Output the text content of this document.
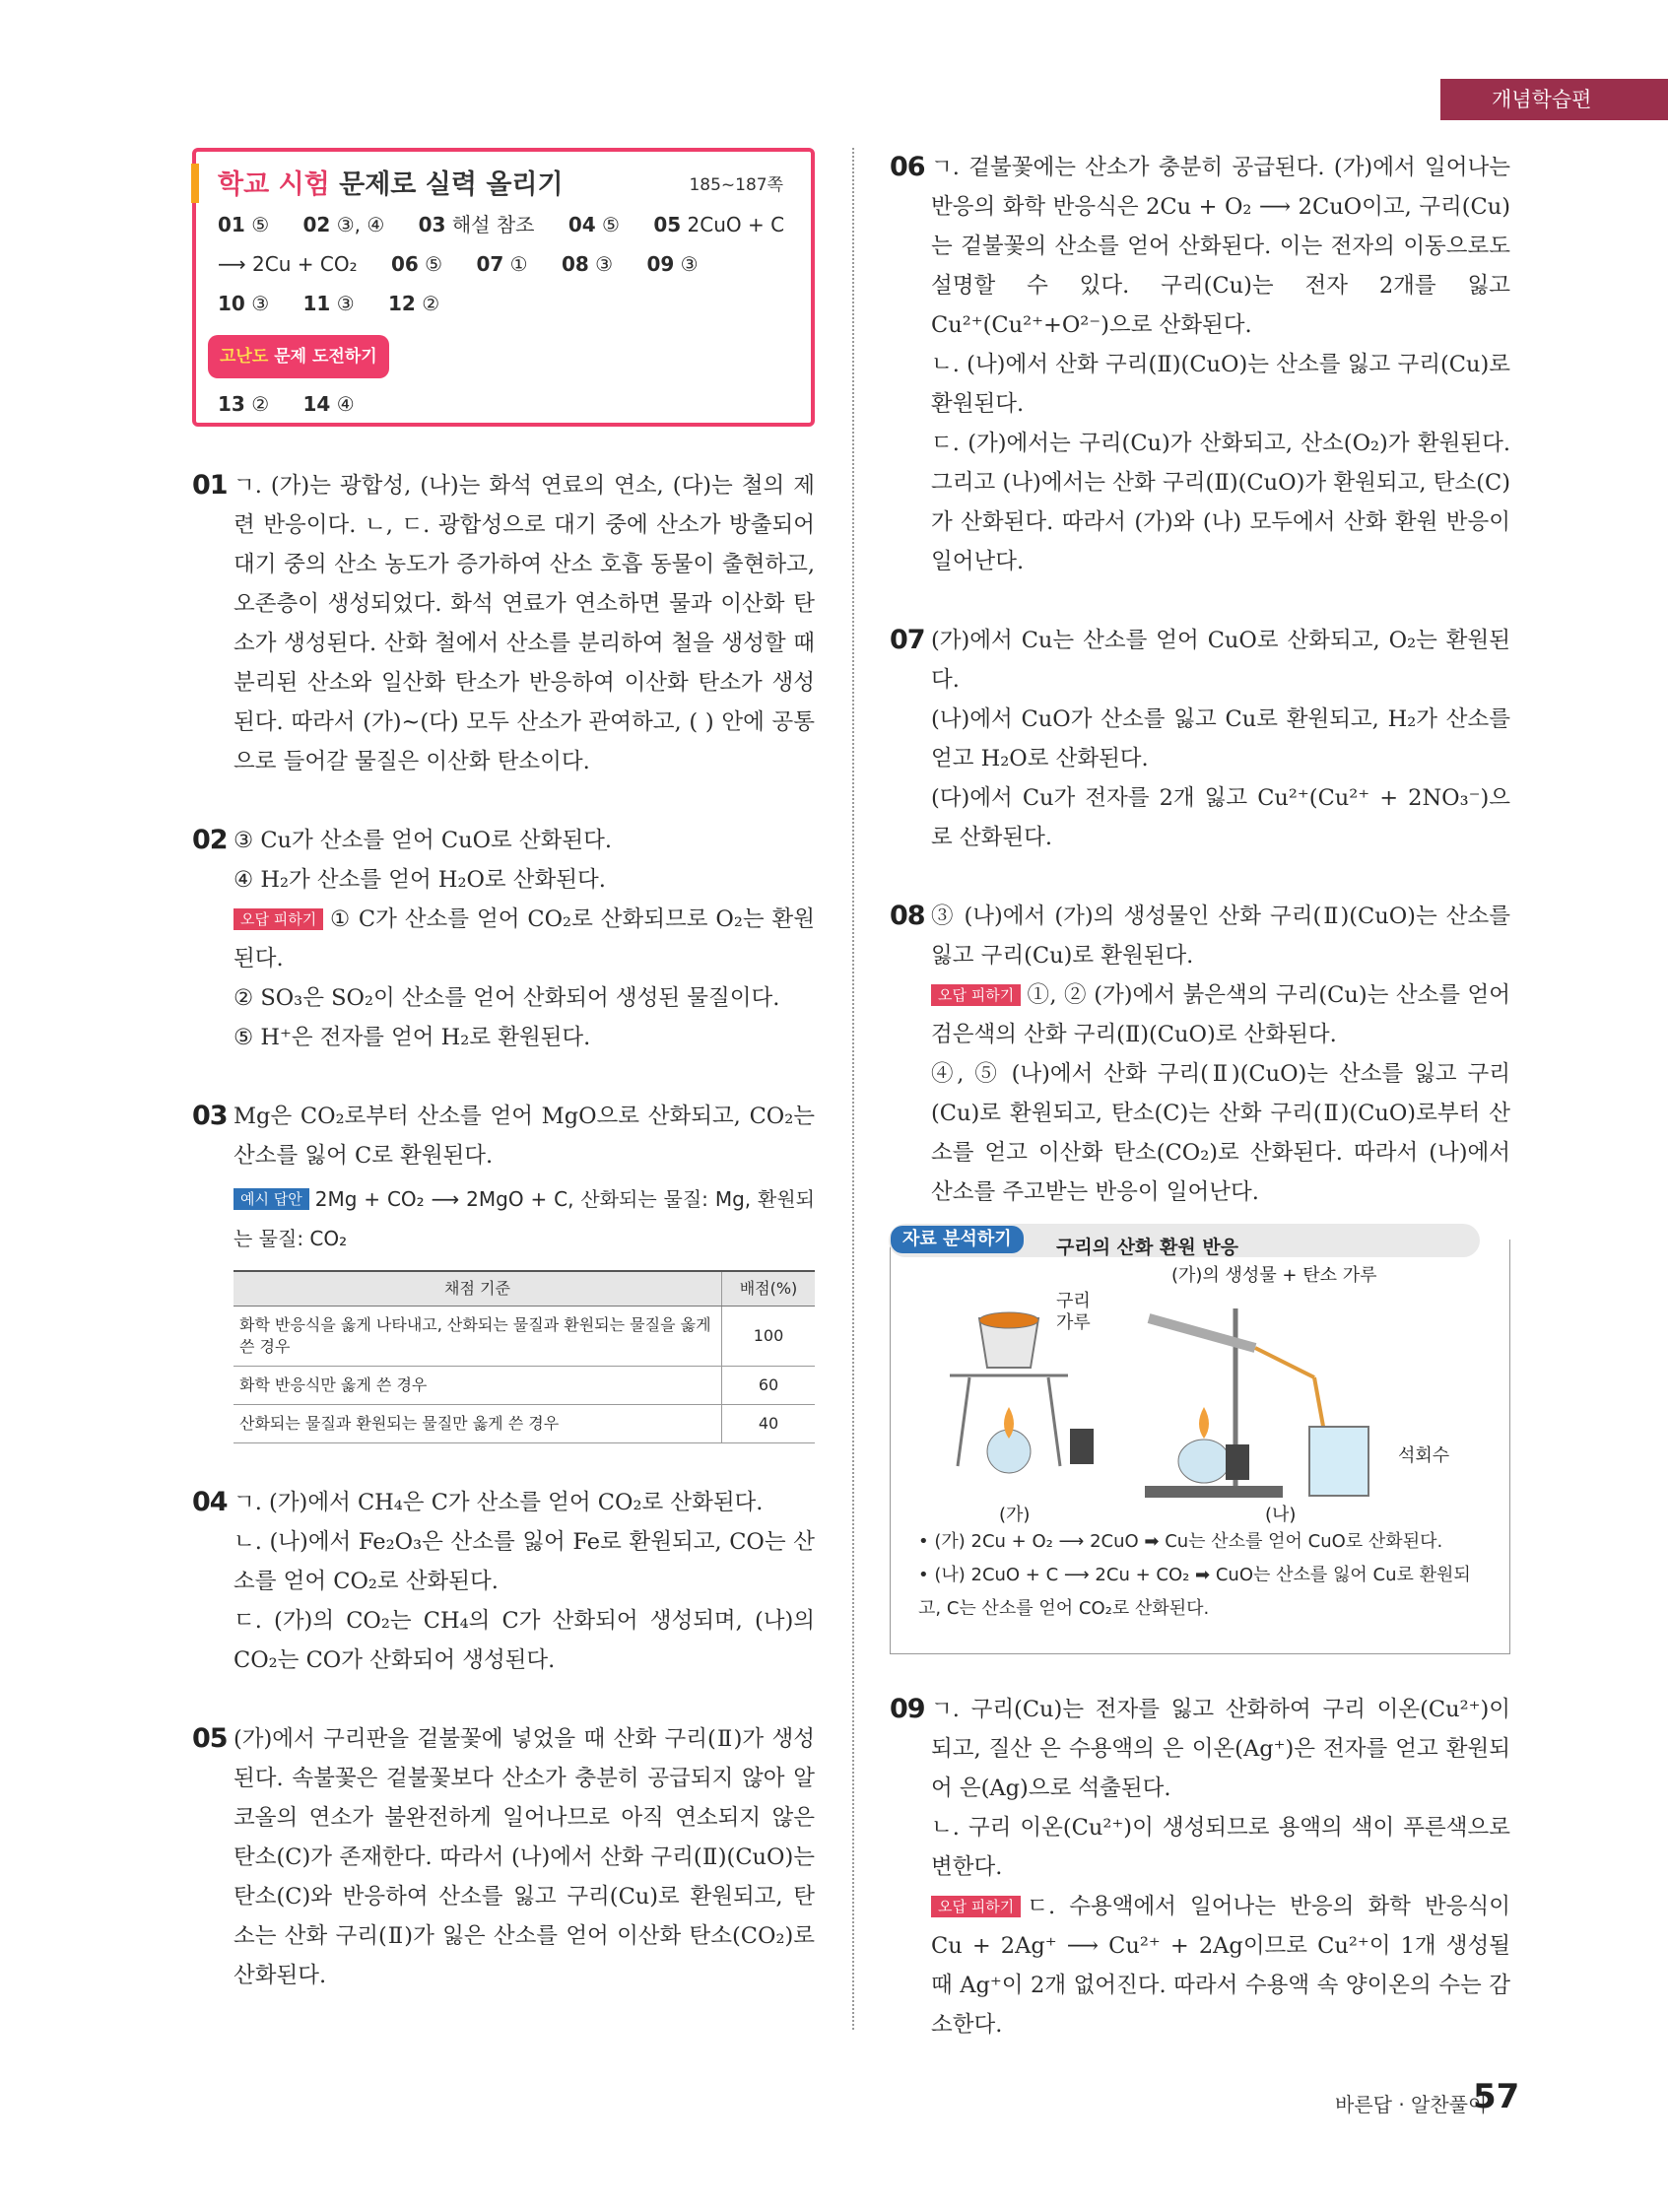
개념학습편
학교 시험 문제로 실력 올리기	185~187쪽
01 ⑤ 02 ③, ④ 03 해설 참조 04 ⑤ 05 2CuO + C
⟶ 2Cu + CO₂ 06 ⑤ 07 ① 08 ③ 09 ③
10 ③ 11 ③ 12 ②
고난도 문제 도전하기
13 ② 14 ④
01 ㄱ. (가)는 광합성, (나)는 화석 연료의 연소, (다)는 철의 제련 반응이다. ㄴ, ㄷ. 광합성으로 대기 중에 산소가 방출되어 대기 중의 산소 농도가 증가하여 산소 호흡 동물이 출현하고, 오존층이 생성되었다. 화석 연료가 연소하면 물과 이산화 탄소가 생성된다. 산화 철에서 산소를 분리하여 철을 생성할 때 분리된 산소와 일산화 탄소가 반응하여 이산화 탄소가 생성된다. 따라서 (가)~(다) 모두 산소가 관여하고, ( ) 안에 공통으로 들어갈 물질은 이산화 탄소이다.

02 ③ Cu가 산소를 얻어 CuO로 산화된다.

④ H₂가 산소를 얻어 H₂O로 산화된다.

오답 피하기 ① C가 산소를 얻어 CO₂로 산화되므로 O₂는 환원된다.

② SO₃은 SO₂이 산소를 얻어 산화되어 생성된 물질이다.

⑤ H⁺은 전자를 얻어 H₂로 환원된다.

03 Mg은 CO₂로부터 산소를 얻어 MgO으로 산화되고, CO₂는 산소를 잃어 C로 환원된다.

예시 답안 2Mg + CO₂ ⟶ 2MgO + C, 산화되는 물질: Mg, 환원되는 물질: CO₂

채점 기준	배점(%)
화학 반응식을 옳게 나타내고, 산화되는 물질과 환원되는 물질을 옳게 쓴 경우	100
화학 반응식만 옳게 쓴 경우	60
산화되는 물질과 환원되는 물질만 옳게 쓴 경우	40
04 ㄱ. (가)에서 CH₄은 C가 산소를 얻어 CO₂로 산화된다.

ㄴ. (나)에서 Fe₂O₃은 산소를 잃어 Fe로 환원되고, CO는 산소를 얻어 CO₂로 산화된다.

ㄷ. (가)의 CO₂는 CH₄의 C가 산화되어 생성되며, (나)의 CO₂는 CO가 산화되어 생성된다.

05 (가)에서 구리판을 겉불꽃에 넣었을 때 산화 구리(Ⅱ)가 생성된다. 속불꽃은 겉불꽃보다 산소가 충분히 공급되지 않아 알코올의 연소가 불완전하게 일어나므로 아직 연소되지 않은 탄소(C)가 존재한다. 따라서 (나)에서 산화 구리(Ⅱ)(CuO)는 탄소(C)와 반응하여 산소를 잃고 구리(Cu)로 환원되고, 탄소는 산화 구리(Ⅱ)가 잃은 산소를 얻어 이산화 탄소(CO₂)로 산화된다.

06 ㄱ. 겉불꽃에는 산소가 충분히 공급된다. (가)에서 일어나는 반응의 화학 반응식은 2Cu + O₂ ⟶ 2CuO이고, 구리(Cu)는 겉불꽃의 산소를 얻어 산화된다. 이는 전자의 이동으로도 설명할 수 있다. 구리(Cu)는 전자 2개를 잃고 Cu²⁺(Cu²⁺+O²⁻)으로 산화된다.

ㄴ. (나)에서 산화 구리(Ⅱ)(CuO)는 산소를 잃고 구리(Cu)로 환원된다.

ㄷ. (가)에서는 구리(Cu)가 산화되고, 산소(O₂)가 환원된다. 그리고 (나)에서는 산화 구리(Ⅱ)(CuO)가 환원되고, 탄소(C)가 산화된다. 따라서 (가)와 (나) 모두에서 산화 환원 반응이 일어난다.

07 (가)에서 Cu는 산소를 얻어 CuO로 산화되고, O₂는 환원된다.

(나)에서 CuO가 산소를 잃고 Cu로 환원되고, H₂가 산소를 얻고 H₂O로 산화된다.

(다)에서 Cu가 전자를 2개 잃고 Cu²⁺(Cu²⁺ + 2NO₃⁻)으로 산화된다.

08 ③ (나)에서 (가)의 생성물인 산화 구리(Ⅱ)(CuO)는 산소를 잃고 구리(Cu)로 환원된다.

오답 피하기 ①, ② (가)에서 붉은색의 구리(Cu)는 산소를 얻어 검은색의 산화 구리(Ⅱ)(CuO)로 산화된다.

④, ⑤ (나)에서 산화 구리(Ⅱ)(CuO)는 산소를 잃고 구리(Cu)로 환원되고, 탄소(C)는 산화 구리(Ⅱ)(CuO)로부터 산소를 얻고 이산화 탄소(CO₂)로 산화된다. 따라서 (나)에서 산소를 주고받는 반응이 일어난다.

자료 분석하기	구리의 산화 환원 반응
구리
가루
(가)의 생성물 + 탄소 가루
석회수
(가)	(나)
• (가) 2Cu + O₂ ⟶ 2CuO ➡ Cu는 산소를 얻어 CuO로 산화된다.
• (나) 2CuO + C ⟶ 2Cu + CO₂ ➡ CuO는 산소를 잃어 Cu로 환원되고, C는 산소를 얻어 CO₂로 산화된다.
09 ㄱ. 구리(Cu)는 전자를 잃고 산화하여 구리 이온(Cu²⁺)이 되고, 질산 은 수용액의 은 이온(Ag⁺)은 전자를 얻고 환원되어 은(Ag)으로 석출된다.

ㄴ. 구리 이온(Cu²⁺)이 생성되므로 용액의 색이 푸른색으로 변한다.

오답 피하기 ㄷ. 수용액에서 일어나는 반응의 화학 반응식이 Cu + 2Ag⁺ ⟶ Cu²⁺ + 2Ag이므로 Cu²⁺이 1개 생성될 때 Ag⁺이 2개 없어진다. 따라서 수용액 속 양이온의 수는 감소한다.

바른답 · 알찬풀이
57
